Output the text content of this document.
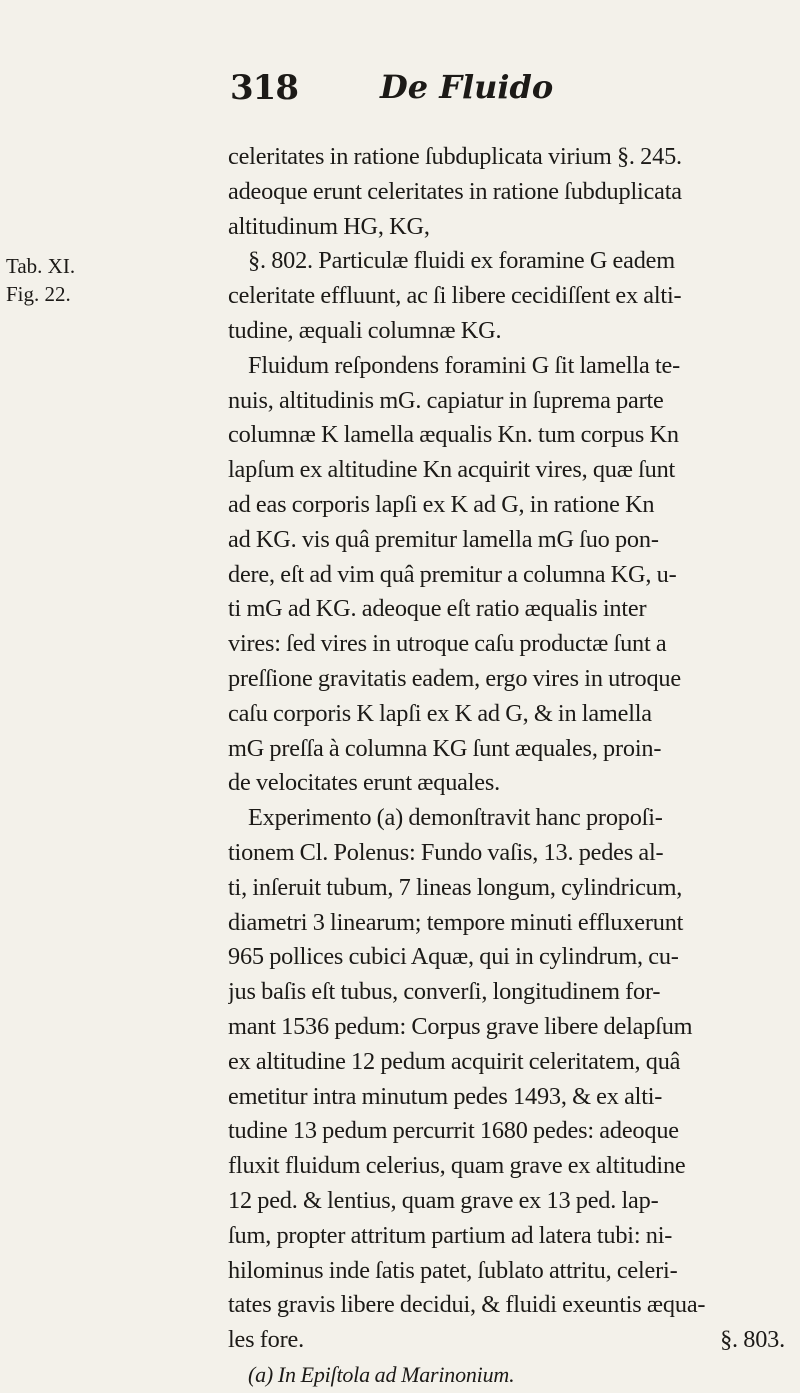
318	De Fluido
Tab. XI.
Fig. 22.
celeritates in ratione ſubduplicata virium §. 245.
adeoque erunt celeritates in ratione ſubduplicata
altitudinum HG, KG,
§. 802. Particulæ fluidi ex foramine G eadem
celeritate effluunt, ac ſi libere cecidiſſent ex alti-
tudine, æquali columnæ KG.
Fluidum reſpondens foramini G ſit lamella te-
nuis, altitudinis mG. capiatur in ſuprema parte
columnæ K lamella æqualis Kn. tum corpus Kn
lapſum ex altitudine Kn acquirit vires, quæ ſunt
ad eas corporis lapſi ex K ad G, in ratione Kn
ad KG. vis quâ premitur lamella mG ſuo pon-
dere, eſt ad vim quâ premitur a columna KG, u-
ti mG ad KG. adeoque eſt ratio æqualis inter
vires: ſed vires in utroque caſu productæ ſunt a
preſſione gravitatis eadem, ergo vires in utroque
caſu corporis K lapſi ex K ad G, & in lamella
mG preſſa à columna KG ſunt æquales, proin-
de velocitates erunt æquales.
Experimento (a) demonſtravit hanc propoſi-
tionem Cl. Polenus: Fundo vaſis, 13. pedes al-
ti, inſeruit tubum, 7 lineas longum, cylindricum,
diametri 3 linearum; tempore minuti effluxerunt
965 pollices cubici Aquæ, qui in cylindrum, cu-
jus baſis eſt tubus, converſi, longitudinem for-
mant 1536 pedum: Corpus grave libere delapſum
ex altitudine 12 pedum acquirit celeritatem, quâ
emetitur intra minutum pedes 1493, & ex alti-
tudine 13 pedum percurrit 1680 pedes: adeoque
fluxit fluidum celerius, quam grave ex altitudine
12 ped. & lentius, quam grave ex 13 ped. lap-
ſum, propter attritum partium ad latera tubi: ni-
hilominus inde ſatis patet, ſublato attritu, celeri-
tates gravis libere decidui, & fluidi exeuntis æqua-
les fore.	§. 803.
(a) In Epiſtola ad Marinonium.
